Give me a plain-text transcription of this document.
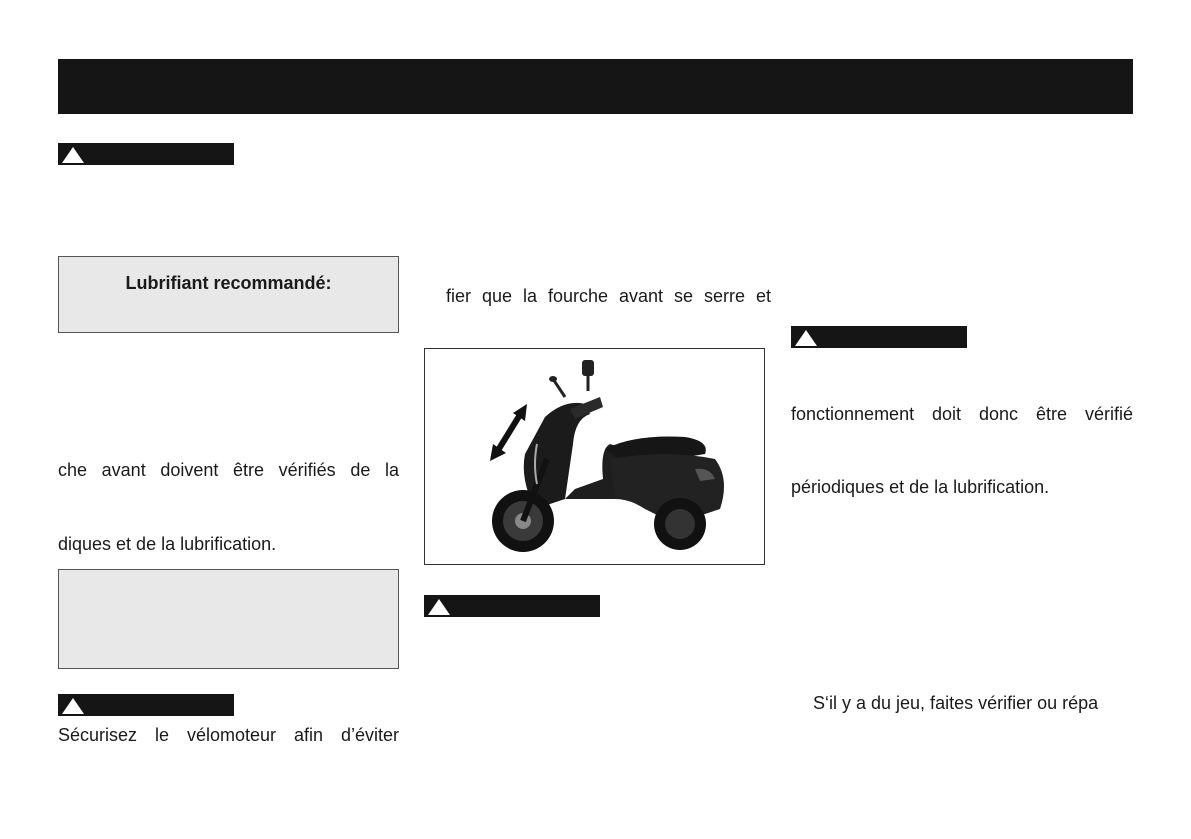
Lubrifiant recommandé:
che avant doivent être vérifiés de la
diques et de la lubrification.
Sécurisez le vélomoteur afin d’éviter
fier que la fourche avant se serre et
fonctionnement doit donc être vérifié
périodiques et de la lubrification.
S‘il y a du jeu, faites vérifier ou répa
